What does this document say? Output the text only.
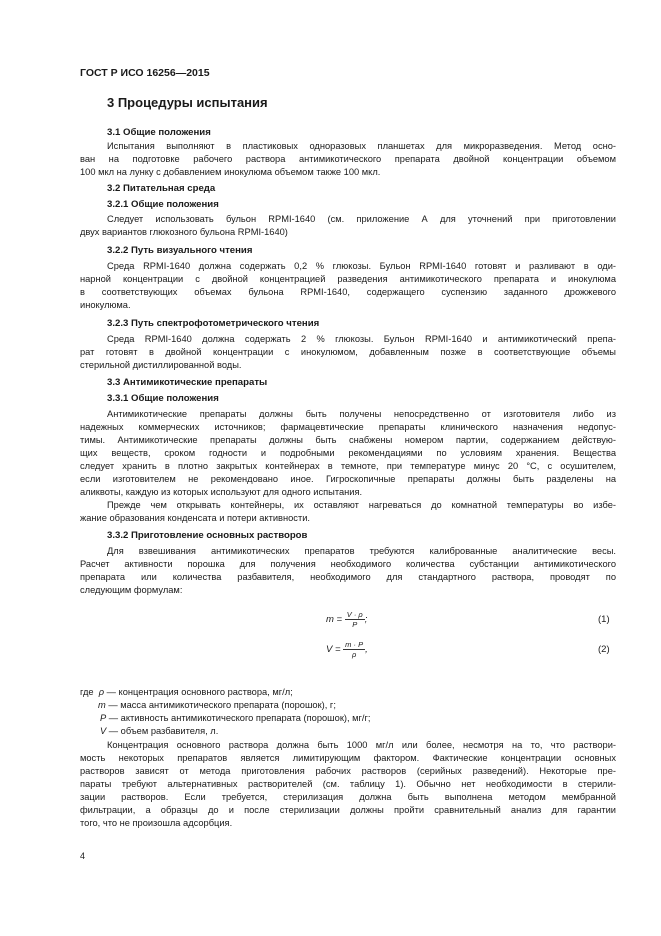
ГОСТ Р ИСО 16256—2015
3 Процедуры испытания
3.1 Общие положения
Испытания выполняют в пластиковых одноразовых планшетах для микроразведения. Метод осно-
ван на подготовке рабочего раствора антимикотического препарата двойной концентрации объемом
100 мкл на лунку с добавлением инокулюма объемом также 100 мкл.
3.2 Питательная среда
3.2.1 Общие положения
Следует использовать бульон RPMI-1640 (см. приложение А для уточнений при приготовлении
двух вариантов глюкозного бульона RPMI-1640)
3.2.2 Путь визуального чтения
Среда RPMI-1640 должна содержать 0,2 % глюкозы. Бульон RPMI-1640 готовят и разливают в оди-
нарной концентрации с двойной концентрацией разведения антимикотического препарата и инокулюма
в соответствующих объемах бульона RPMI-1640, содержащего суспензию заданного дрожжевого
инокулюма.
3.2.3 Путь спектрофотометрического чтения
Среда RPMI-1640 должна содержать 2 % глюкозы. Бульон RPMI-1640 и антимикотический препа-
рат готовят в двойной концентрации с инокулюмом, добавленным позже в соответствующие объемы
стерильной дистиллированной воды.
3.3 Антимикотические препараты
3.3.1 Общие положения
Антимикотические препараты должны быть получены непосредственно от изготовителя либо из
надежных коммерческих источников; фармацевтические препараты клинического назначения недопус-
тимы. Антимикотические препараты должны быть снабжены номером партии, содержанием действую-
щих веществ, сроком годности и подробными рекомендациями по условиям хранения. Вещества
следует хранить в плотно закрытых контейнерах в темноте, при температуре минус 20 °С, с осушителем,
если изготовителем не рекомендовано иное. Гигроскопичные препараты должны быть разделены на
аликвоты, каждую из которых используют для одного испытания.
Прежде чем открывать контейнеры, их оставляют нагреваться до комнатной температуры во избе-
жание образования конденсата и потери активности.
3.3.2 Приготовление основных растворов
Для взвешивания антимикотических препаратов требуются калиброванные аналитические весы.
Расчет активности порошка для получения необходимого количества субстанции антимикотического
препарата или количества разбавителя, необходимого для стандартного раствора, проводят по
следующим формулам:
$m = \frac{V \cdot \rho}{P}$ ;	(1)
$V = \frac{m \cdot P}{\rho}$ ,	(2)
где ρ — концентрация основного раствора, мг/л;
m — масса антимикотического препарата (порошок), г;
P — активность антимикотического препарата (порошок), мг/г;
V — объем разбавителя, л.
Концентрация основного раствора должна быть 1000 мг/л или более, несмотря на то, что раствори-
мость некоторых препаратов является лимитирующим фактором. Фактические концентрации основных
растворов зависят от метода приготовления рабочих растворов (серийных разведений). Некоторые пре-
параты требуют альтернативных растворителей (см. таблицу 1). Обычно нет необходимости в стерили-
зации растворов. Если требуется, стерилизация должна быть выполнена методом мембранной
фильтрации, а образцы до и после стерилизации должны пройти сравнительный анализ для гарантии
того, что не произошла адсорбция.
4
